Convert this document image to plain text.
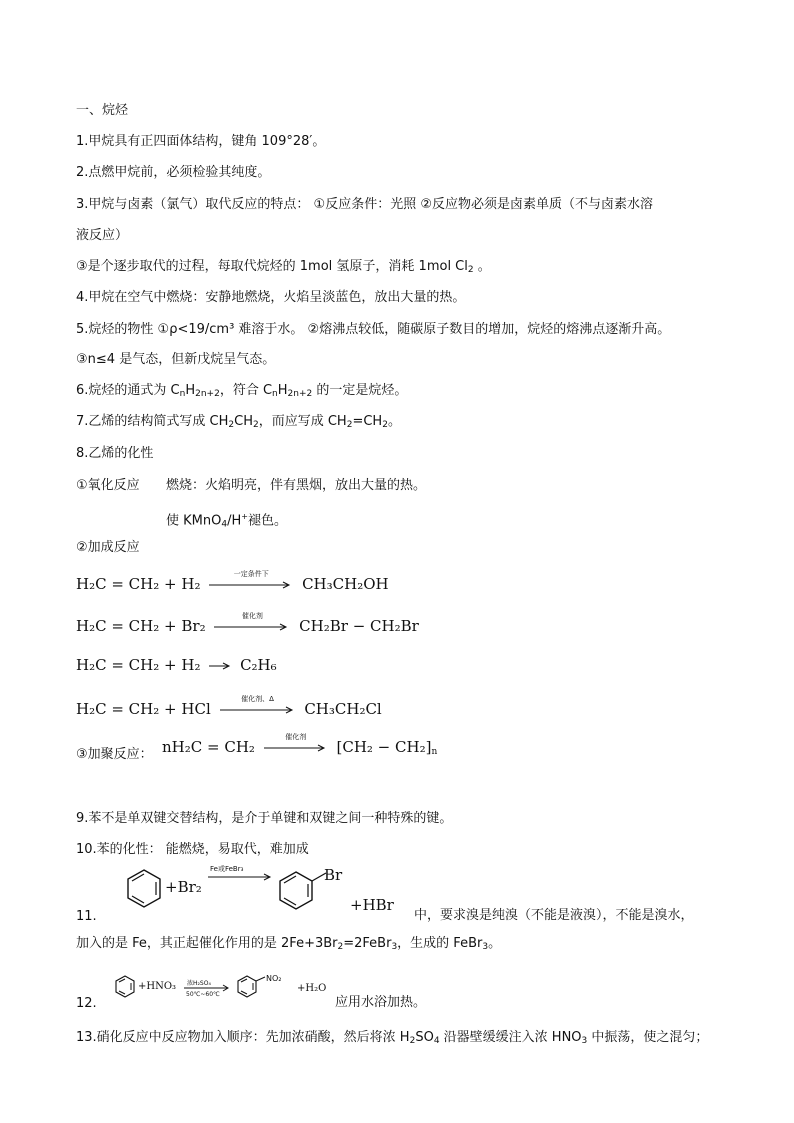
一、烷烃
1.甲烷具有正四面体结构，键角 109°28′。
2.点燃甲烷前，必须检验其纯度。
3.甲烷与卤素（氯气）取代反应的特点： ①反应条件：光照 ②反应物必须是卤素单质（不与卤素水溶
液反应）
③是个逐步取代的过程，每取代烷烃的 1mol 氢原子，消耗 1mol $Cl_2$ 。
4.甲烷在空气中燃烧：安静地燃烧，火焰呈淡蓝色，放出大量的热。
5.烷烃的物性 ①ρ<19/cm³ 难溶于水。 ②熔沸点较低，随碳原子数目的增加，烷烃的熔沸点逐渐升高。
③n≤4 是气态，但新戊烷呈气态。
6.烷烃的通式为 $C_nH_{2n+2}$，符合 $C_nH_{2n+2}$ 的一定是烷烃。
7.乙烯的结构简式写成 $CH_2CH_2$，而应写成 $CH_2=CH_2$。
8.乙烯的化性
①氧化反应 燃烧：火焰明亮，伴有黑烟，放出大量的热。
使 KMnO$_4$/H+褪色。
②加成反应
H₂C = CH₂ + H₂
一定条件下
CH₃CH₂OH
H₂C = CH₂ + Br₂
催化剂
CH₂Br − CH₂Br
H₂C = CH₂ + H₂ → C₂H₆
H₂C = CH₂ + HCl
催化剂、Δ
CH₃CH₂Cl
③加聚反应： nH₂C = CH₂
催化剂
$[CH_2 - CH_2]_n$
9.苯不是单双键交替结构，是介于单键和双键之间一种特殊的键。
10.苯的化性： 能燃烧，易取代，难加成
11.
+Br₂
Fe或FeBr₃	Br
+HBr
中，要求溴是纯溴（不能是液溴），不能是溴水，
加入的是 Fe，其正起催化作用的是 $2Fe+3Br_2=2FeBr_3$，生成的 FeBr$_3$。
12.
+HNO₃ 浓H₂SO₄
50℃~60℃
NO₂
+H₂O
应用水浴加热。
13.硝化反应中反应物加入顺序：先加浓硝酸，然后将浓 $H_2SO_4$ 沿器壁缓缓注入浓 $HNO_3$ 中振荡，使之混匀；
